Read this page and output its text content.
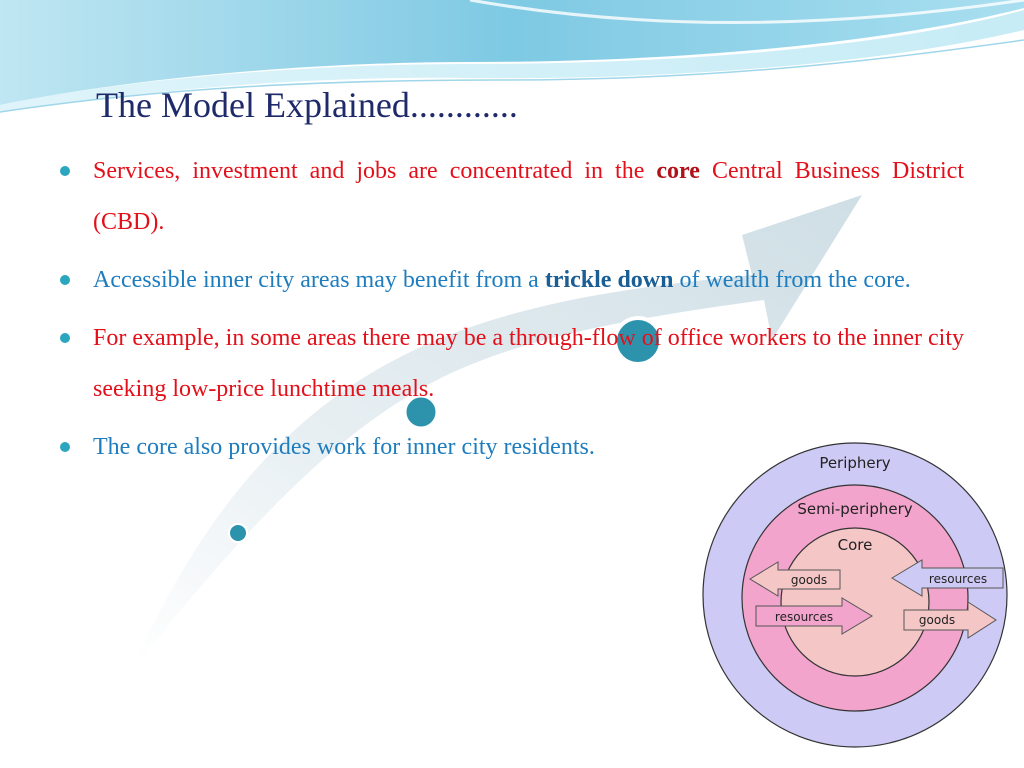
The Model Explained............
Services, investment and jobs are concentrated in the core Central Business District (CBD).
Accessible inner city areas may benefit from a trickle down of wealth from the core.
For example, in some areas there may be a through-flow of office workers to the inner city seeking low-price lunchtime meals.
The core also provides work for inner city residents.
Periphery
Semi-periphery
Core
goods	resources
resources	goods
